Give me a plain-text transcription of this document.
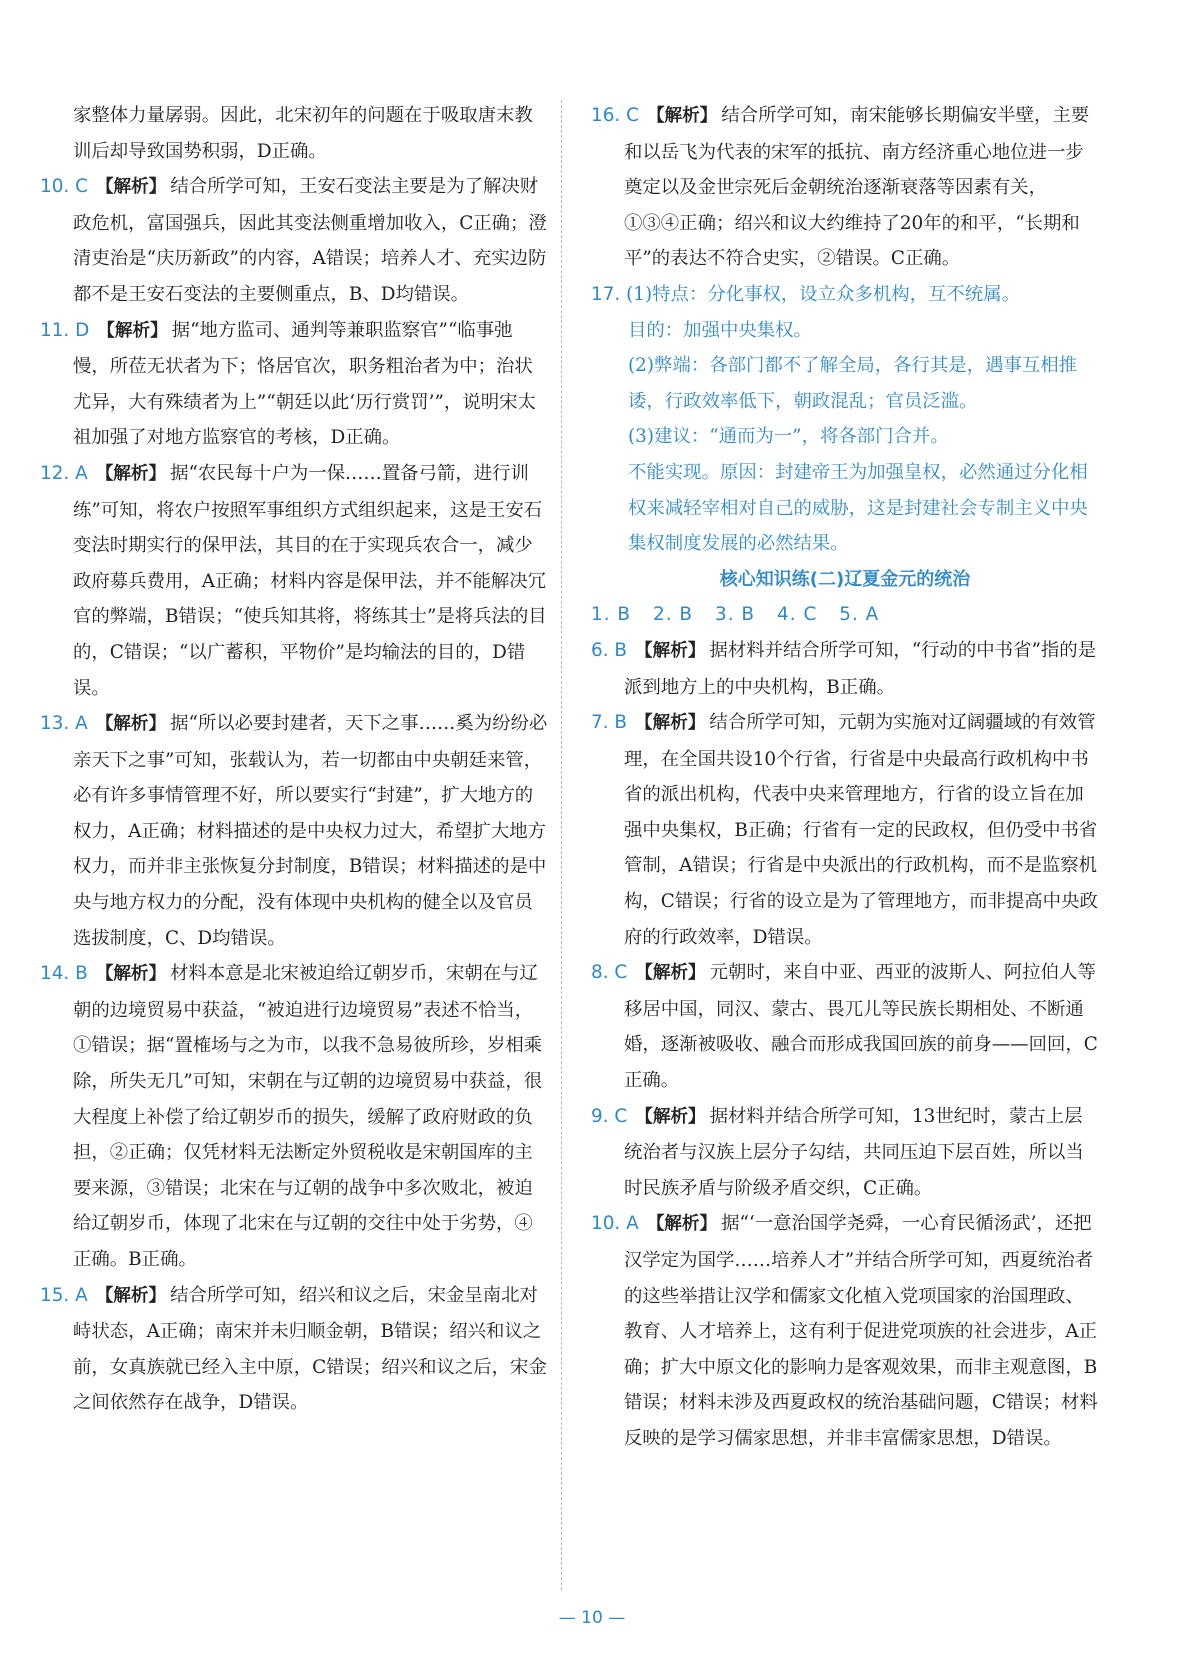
家整体力量孱弱。因此，北宋初年的问题在于吸取唐末教训后却导致国势积弱，D正确。
10. C 【解析】 结合所学可知，王安石变法主要是为了解决财政危机，富国强兵，因此其变法侧重增加收入，C正确；澄清吏治是“庆历新政”的内容，A错误；培养人才、充实边防都不是王安石变法的主要侧重点，B、D均错误。
11. D 【解析】 据“地方监司、通判等兼职监察官”“临事弛慢，所莅无状者为下；恪居官次，职务粗治者为中；治状尤异，大有殊绩者为上”“朝廷以此‘历行赏罚’”，说明宋太祖加强了对地方监察官的考核，D正确。
12. A 【解析】 据“农民每十户为一保……置备弓箭，进行训练”可知，将农户按照军事组织方式组织起来，这是王安石变法时期实行的保甲法，其目的在于实现兵农合一，减少政府募兵费用，A正确；材料内容是保甲法，并不能解决冗官的弊端，B错误；“使兵知其将，将练其士”是将兵法的目的，C错误；“以广蓄积，平物价”是均输法的目的，D错误。
13. A 【解析】 据“所以必要封建者，天下之事……奚为纷纷必亲天下之事”可知，张载认为，若一切都由中央朝廷来管，必有许多事情管理不好，所以要实行“封建”，扩大地方的权力，A正确；材料描述的是中央权力过大，希望扩大地方权力，而并非主张恢复分封制度，B错误；材料描述的是中央与地方权力的分配，没有体现中央机构的健全以及官员选拔制度，C、D均错误。
14. B 【解析】 材料本意是北宋被迫给辽朝岁币，宋朝在与辽朝的边境贸易中获益，“被迫进行边境贸易”表述不恰当，①错误；据“置榷场与之为市，以我不急易彼所珍，岁相乘除，所失无几”可知，宋朝在与辽朝的边境贸易中获益，很大程度上补偿了给辽朝岁币的损失，缓解了政府财政的负担，②正确；仅凭材料无法断定外贸税收是宋朝国库的主要来源，③错误；北宋在与辽朝的战争中多次败北，被迫给辽朝岁币，体现了北宋在与辽朝的交往中处于劣势，④正确。B正确。
15. A 【解析】 结合所学可知，绍兴和议之后，宋金呈南北对峙状态，A正确；南宋并未归顺金朝，B错误；绍兴和议之前，女真族就已经入主中原，C错误；绍兴和议之后，宋金之间依然存在战争，D错误。
16. C 【解析】 结合所学可知，南宋能够长期偏安半壁，主要和以岳飞为代表的宋军的抵抗、南方经济重心地位进一步奠定以及金世宗死后金朝统治逐渐衰落等因素有关，①③④正确；绍兴和议大约维持了20年的和平，“长期和平”的表达不符合史实，②错误。C正确。
17. (1)特点：分化事权，设立众多机构，互不统属。
目的：加强中央集权。
(2)弊端：各部门都不了解全局，各行其是，遇事互相推诿，行政效率低下，朝政混乱；官员泛滥。
(3)建议：“通而为一”，将各部门合并。
不能实现。原因：封建帝王为加强皇权，必然通过分化相权来减轻宰相对自己的威胁，这是封建社会专制主义中央集权制度发展的必然结果。
核心知识练(二)辽夏金元的统治
1. B 2. B 3. B 4. C 5. A
6. B 【解析】 据材料并结合所学可知，“行动的中书省”指的是派到地方上的中央机构，B正确。
7. B 【解析】 结合所学可知，元朝为实施对辽阔疆域的有效管理，在全国共设10个行省，行省是中央最高行政机构中书省的派出机构，代表中央来管理地方，行省的设立旨在加强中央集权，B正确；行省有一定的民政权，但仍受中书省管制，A错误；行省是中央派出的行政机构，而不是监察机构，C错误；行省的设立是为了管理地方，而非提高中央政府的行政效率，D错误。
8. C 【解析】 元朝时，来自中亚、西亚的波斯人、阿拉伯人等移居中国，同汉、蒙古、畏兀儿等民族长期相处、不断通婚，逐渐被吸收、融合而形成我国回族的前身——回回，C正确。
9. C 【解析】 据材料并结合所学可知，13世纪时，蒙古上层统治者与汉族上层分子勾结，共同压迫下层百姓，所以当时民族矛盾与阶级矛盾交织，C正确。
10. A 【解析】 据“‘一意治国学尧舜，一心育民循汤武’，还把汉学定为国学……培养人才”并结合所学可知，西夏统治者的这些举措让汉学和儒家文化植入党项国家的治国理政、教育、人才培养上，这有利于促进党项族的社会进步，A正确；扩大中原文化的影响力是客观效果，而非主观意图，B错误；材料未涉及西夏政权的统治基础问题，C错误；材料反映的是学习儒家思想，并非丰富儒家思想，D错误。
— 10 —
